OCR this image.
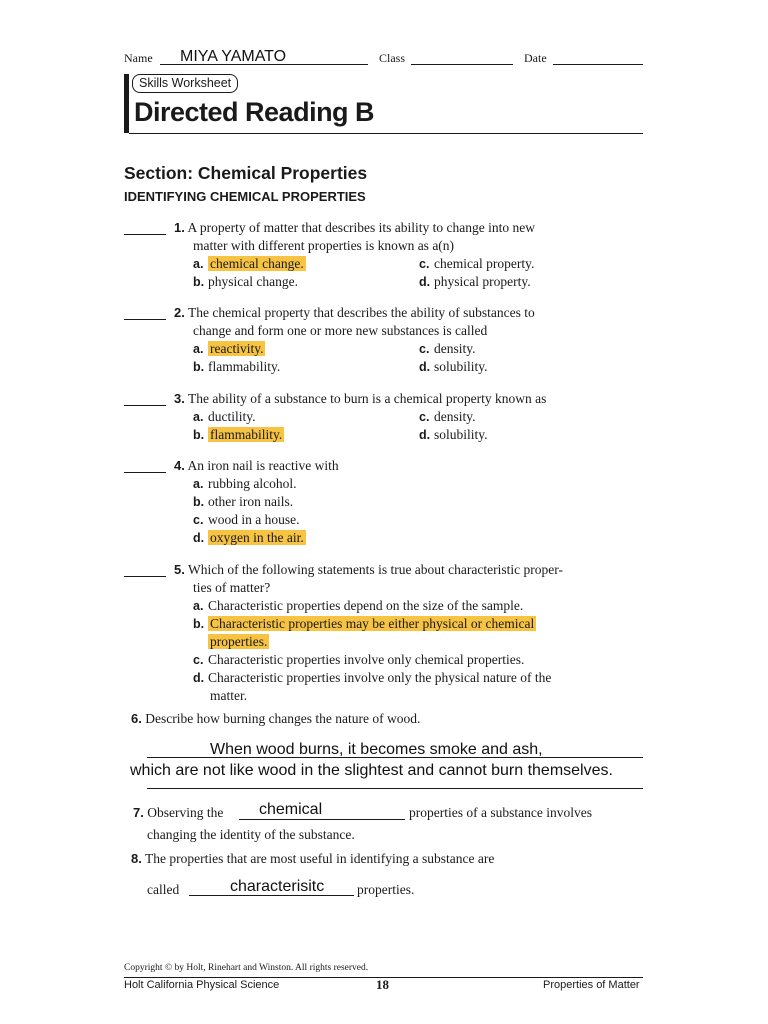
Name MIYA YAMATO	Class	Date
Skills Worksheet
Directed Reading B
Section: Chemical Properties
IDENTIFYING CHEMICAL PROPERTIES
1. A property of matter that describes its ability to change into new
matter with different properties is known as a(n)
a. chemical change.
b. physical change.
c. chemical property.
d. physical property.
2. The chemical property that describes the ability of substances to
change and form one or more new substances is called
a. reactivity.
b. flammability.
c. density.
d. solubility.
3. The ability of a substance to burn is a chemical property known as
a. ductility.
b. flammability.
c. density.
d. solubility.
4. An iron nail is reactive with
a. rubbing alcohol.
b. other iron nails.
c. wood in a house.
d. oxygen in the air.
5. Which of the following statements is true about characteristic proper-
ties of matter?
a. Characteristic properties depend on the size of the sample.
b. Characteristic properties may be either physical or chemical
properties.
c. Characteristic properties involve only chemical properties.
d. Characteristic properties involve only the physical nature of the
matter.
6. Describe how burning changes the nature of wood.
When wood burns, it becomes smoke and ash,
which are not like wood in the slightest and cannot burn themselves.
7. Observing the chemical	properties of a substance involves
changing the identity of the substance.
8. The properties that are most useful in identifying a substance are
called	characterisitc properties.
Copyright © by Holt, Rinehart and Winston. All rights reserved.
Holt California Physical Science	18	Properties of Matter
